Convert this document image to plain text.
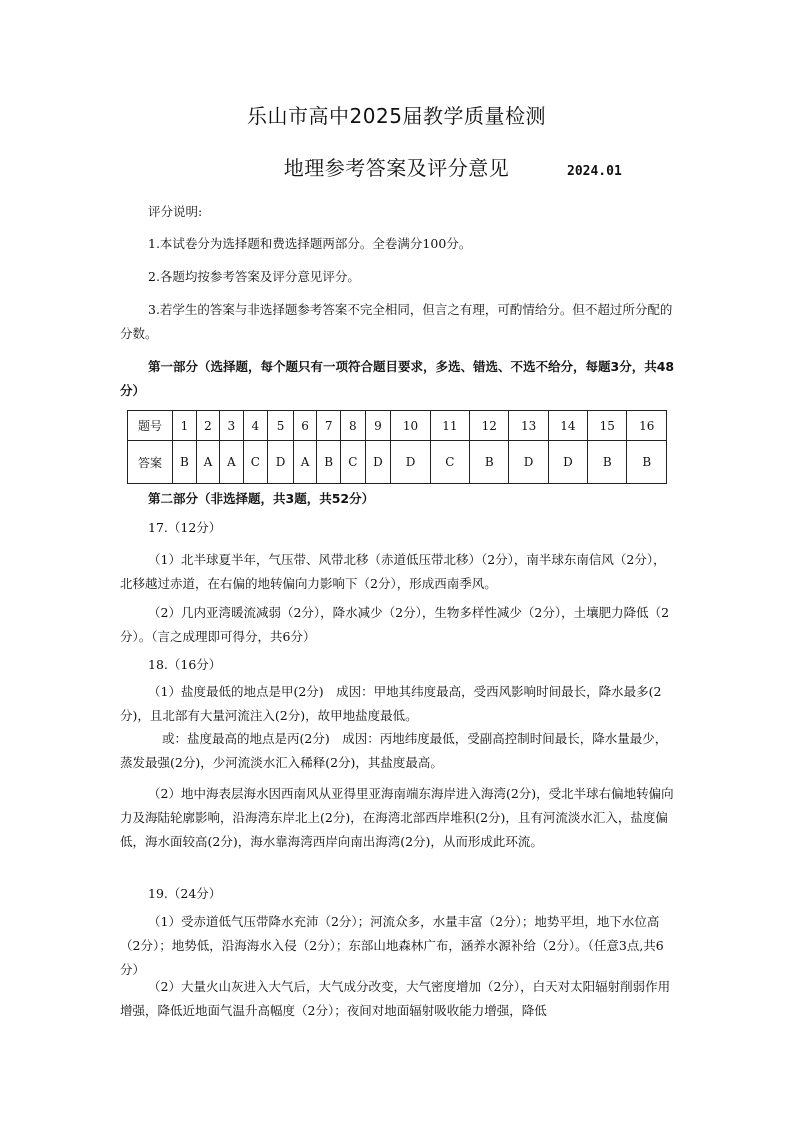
乐山市高中2025届教学质量检测
地理参考答案及评分意见	2024.01
评分说明:
1.本试卷分为选择题和费选择题两部分。全卷满分100分。
2.各题均按参考答案及评分意见评分。
3.若学生的答案与非选择题参考答案不完全相同，但言之有理，可酌情给分。但不超过所分配的分数。
第一部分（选择题，每个题只有一项符合题目要求，多选、错选、不选不给分，每题3分，共48分）
题号	1	2	3	4	5	6	7	8	9	10	11	12	13	14	15	16
答案	B	A	A	C	D	A	B	C	D	D	C	B	D	D	B	B
第二部分（非选择题，共3题，共52分）
17.（12分）
（1）北半球夏半年，气压带、风带北移（赤道低压带北移）（2分），南半球东南信风（2分），北移越过赤道，在右偏的地转偏向力影响下（2分），形成西南季风。
（2）几内亚湾暖流减弱（2分），降水减少（2分），生物多样性减少（2分），土壤肥力降低（2分）。（言之成理即可得分，共6分）
18.（16分）
（1）盐度最低的地点是甲(2分)　成因：甲地其纬度最高，受西风影响时间最长，降水最多(2分)，且北部有大量河流注入(2分)，故甲地盐度最低。
或：盐度最高的地点是丙(2分)　成因：丙地纬度最低，受副高控制时间最长，降水量最少，蒸发最强(2分)，少河流淡水汇入稀释(2分)，其盐度最高。
（2）地中海表层海水因西南风从亚得里亚海南端东海岸进入海湾(2分)，受北半球右偏地转偏向力及海陆轮廓影响，沿海湾东岸北上(2分)，在海湾北部西岸堆积(2分)，且有河流淡水汇入，盐度偏低，海水面较高(2分)，海水靠海湾西岸向南出海湾(2分)，从而形成此环流。
19.（24分）
（1）受赤道低气压带降水充沛（2分）；河流众多，水量丰富（2分）；地势平坦，地下水位高（2分）；地势低，沿海海水入侵（2分）；东部山地森林广布，涵养水源补给（2分）。（任意3点,共6分）
（2）大量火山灰进入大气后，大气成分改变，大气密度增加（2分），白天对太阳辐射削弱作用增强，降低近地面气温升高幅度（2分）；夜间对地面辐射吸收能力增强，降低
